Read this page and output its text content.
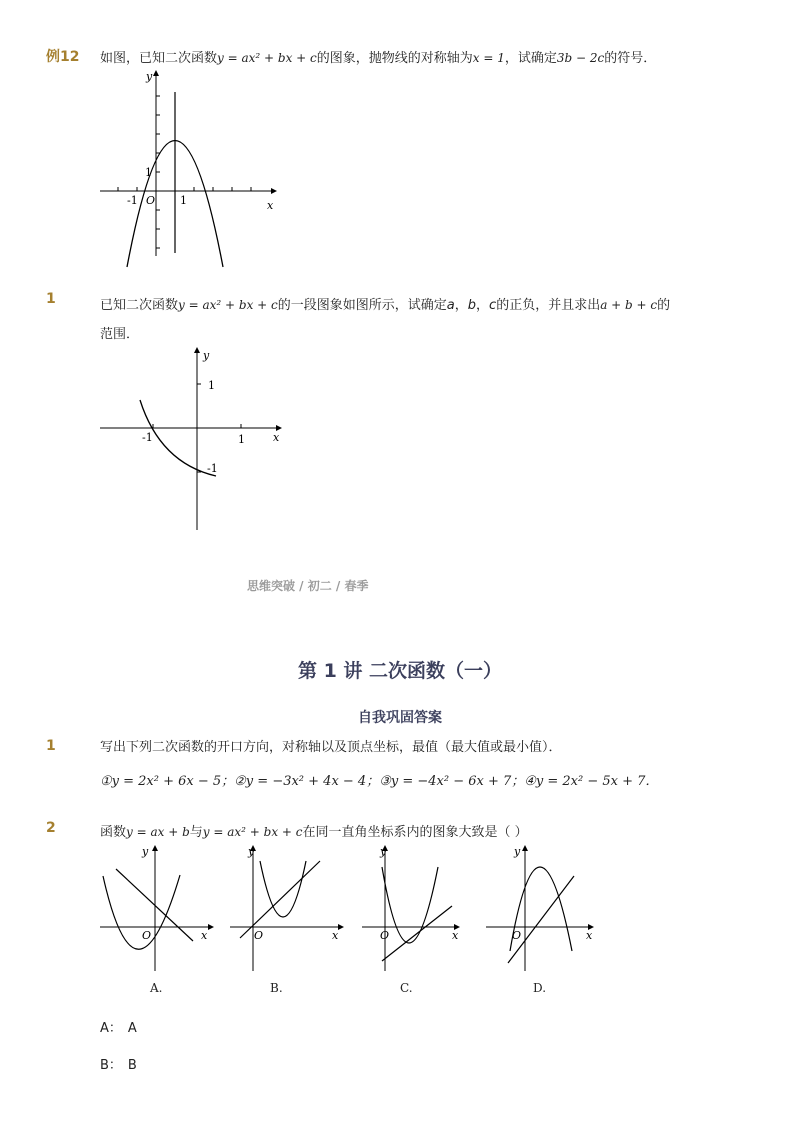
例12 如图，已知二次函数y = ax² + bx + c的图象，抛物线的对称轴为x = 1，试确定3b − 2c的符号．
y
x
O
-1	1
1
1	已知二次函数y = ax² + bx + c的一段图象如图所示，试确定a，b，c的正负，并且求出a + b + c的
范围．
y
x
-1	1
1
-1
思维突破 / 初二 / 春季
第 1 讲 二次函数（一）
自我巩固答案
1	写出下列二次函数的开口方向，对称轴以及顶点坐标，最值（最大值或最小值）．
①y = 2x² + 6x − 5；②y = −3x² + 4x − 4；③y = −4x² − 6x + 7；④y = 2x² − 5x + 7．
2	函数y = ax + b与y = ax² + bx + c在同一直角坐标系内的图象大致是（ ）
y
x
O
A.
y
x
O
B.
y
x
O
C.
y
x
O
D.
A： A
B： B
